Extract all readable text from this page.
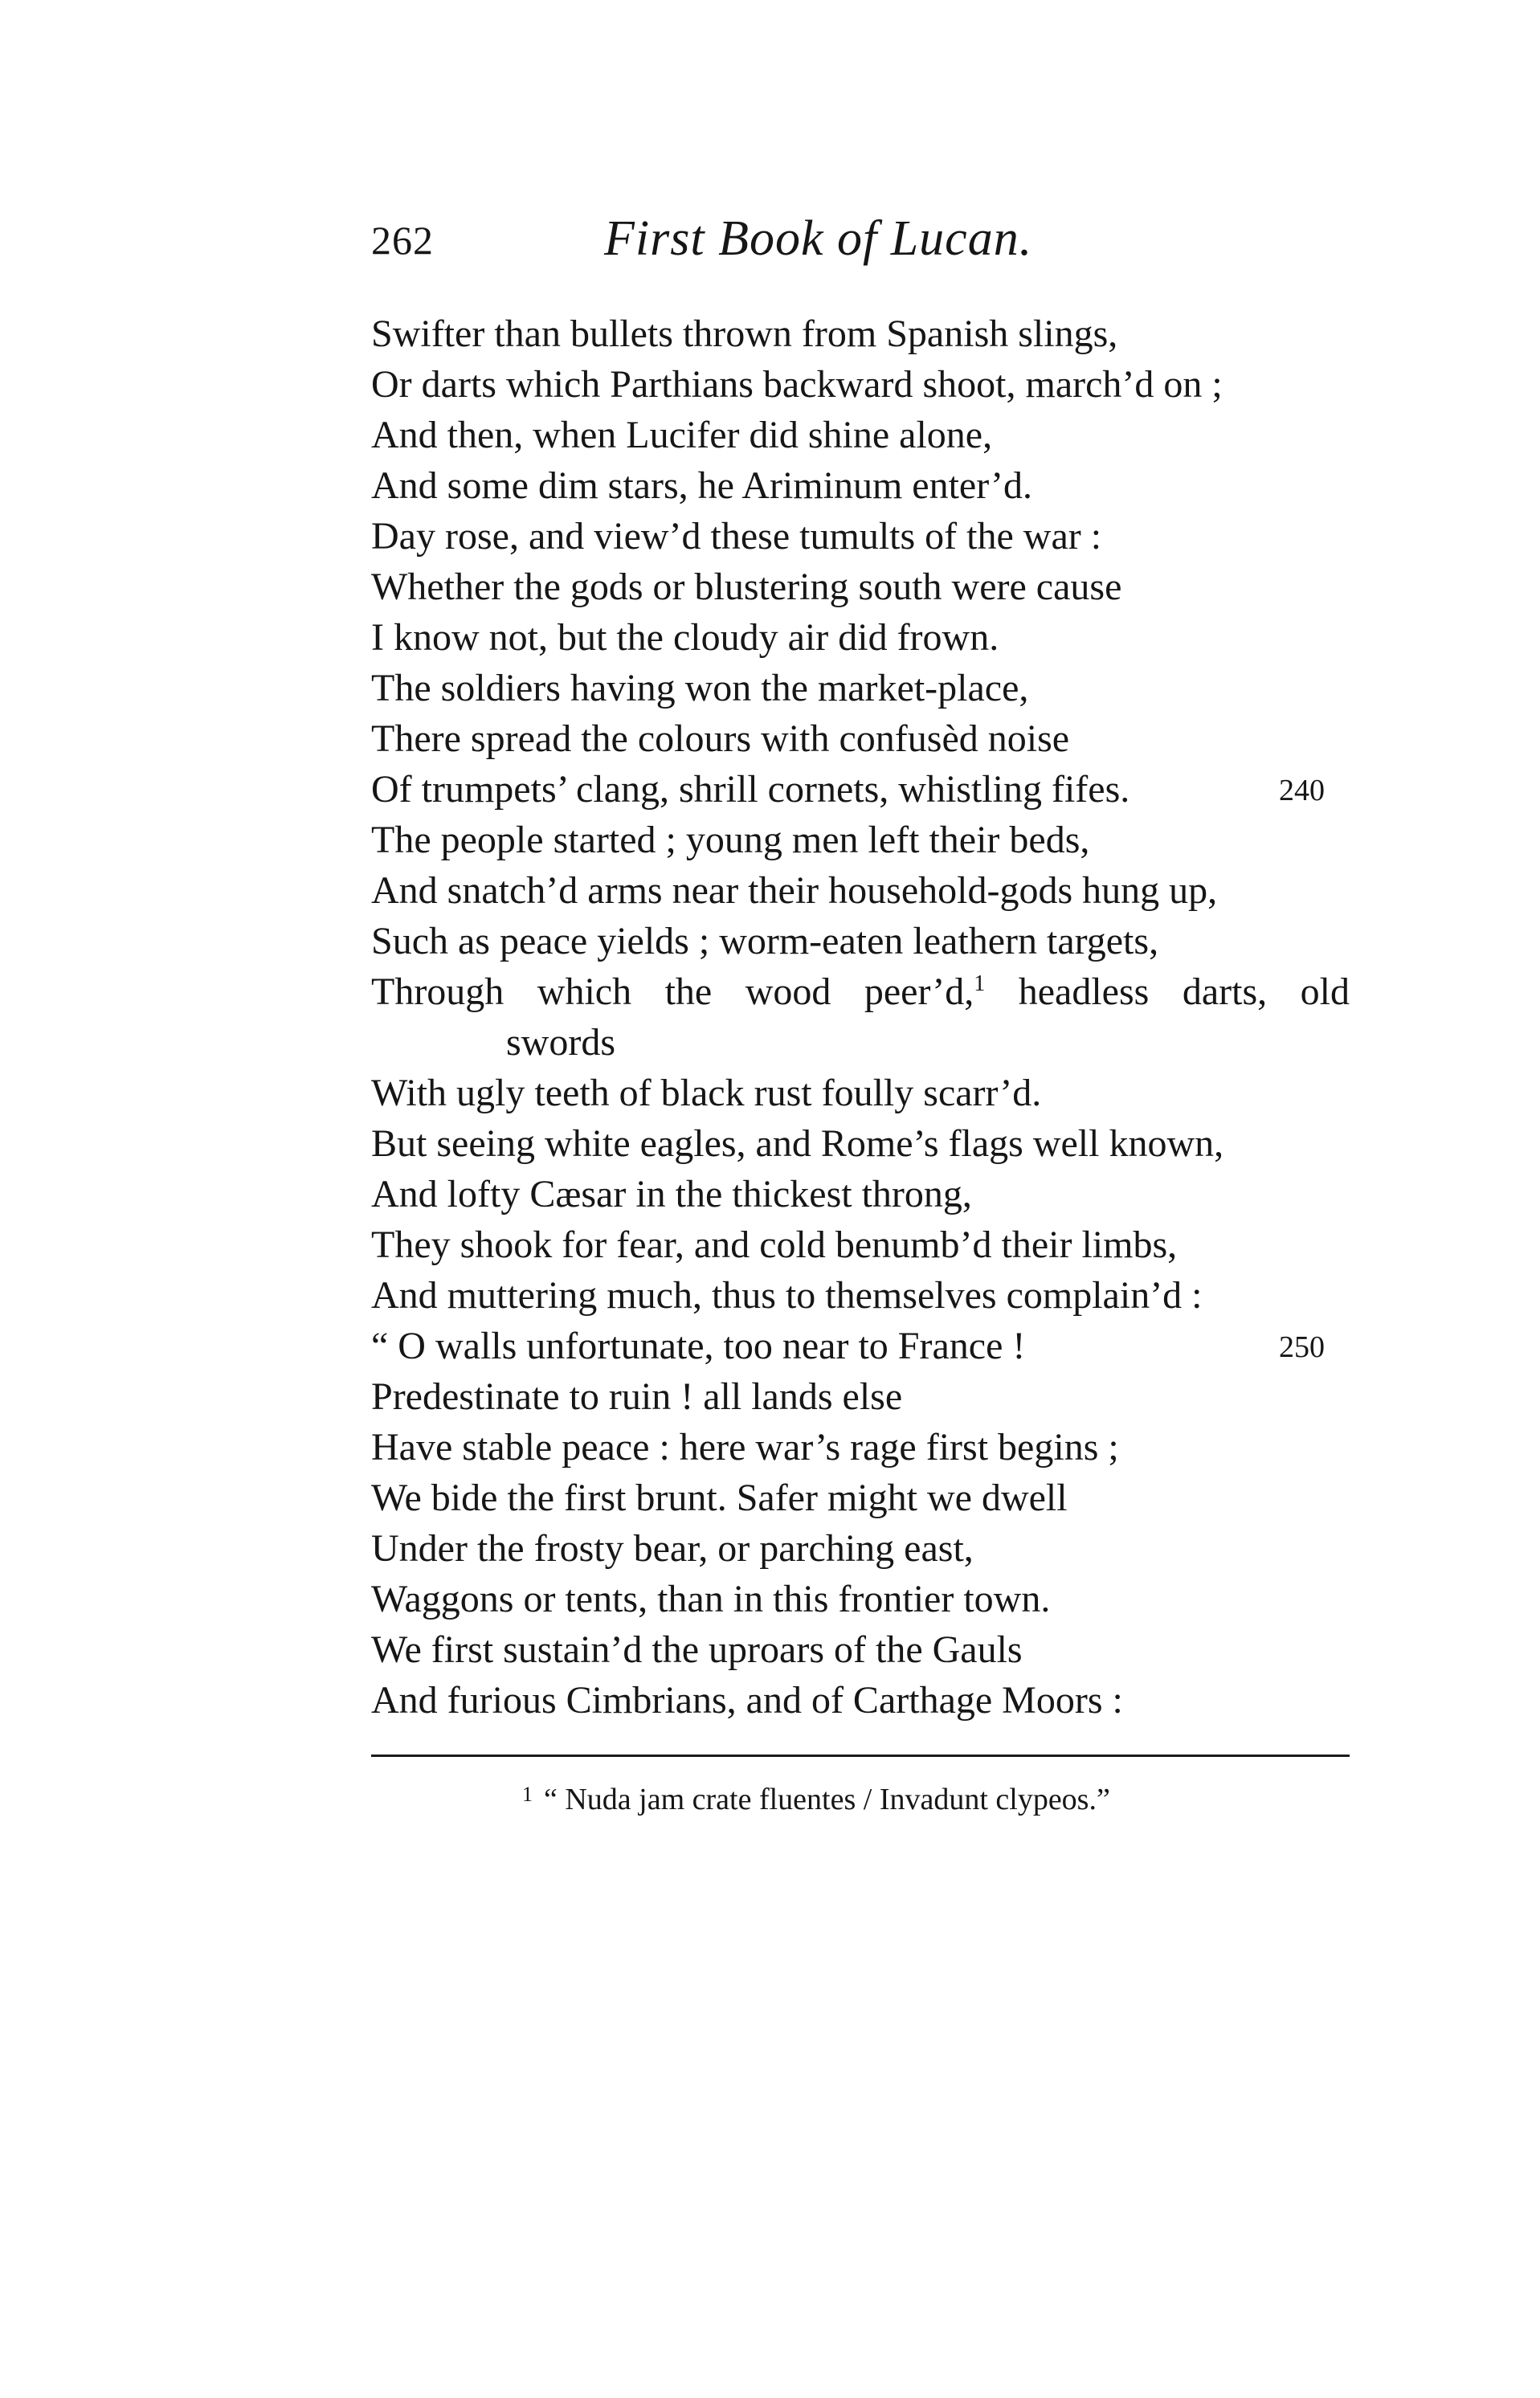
262	First Book of Lucan.
Swifter than bullets thrown from Spanish slings,
Or darts which Parthians backward shoot, march’d on ;
And then, when Lucifer did shine alone,
And some dim stars, he Ariminum enter’d.
Day rose, and view’d these tumults of the war :
Whether the gods or blustering south were cause
I know not, but the cloudy air did frown.
The soldiers having won the market-place,
There spread the colours with confusèd noise
Of trumpets’ clang, shrill cornets, whistling fifes.	240
The people started ; young men left their beds,
And snatch’d arms near their household-gods hung up,
Such as peace yields ; worm-eaten leathern targets,
Through which the wood peer’d,$^1$ headless darts, old
swords
With ugly teeth of black rust foully scarr’d.
But seeing white eagles, and Rome’s flags well known,
And lofty Cæsar in the thickest throng,
They shook for fear, and cold benumb’d their limbs,
And muttering much, thus to themselves complain’d :
“ O walls unfortunate, too near to France !	250
Predestinate to ruin ! all lands else
Have stable peace : here war’s rage first begins ;
We bide the first brunt. Safer might we dwell
Under the frosty bear, or parching east,
Waggons or tents, than in this frontier town.
We first sustain’d the uproars of the Gauls
And furious Cimbrians, and of Carthage Moors :
$^1$ “ Nuda jam crate fluentes / Invadunt clypeos.”
